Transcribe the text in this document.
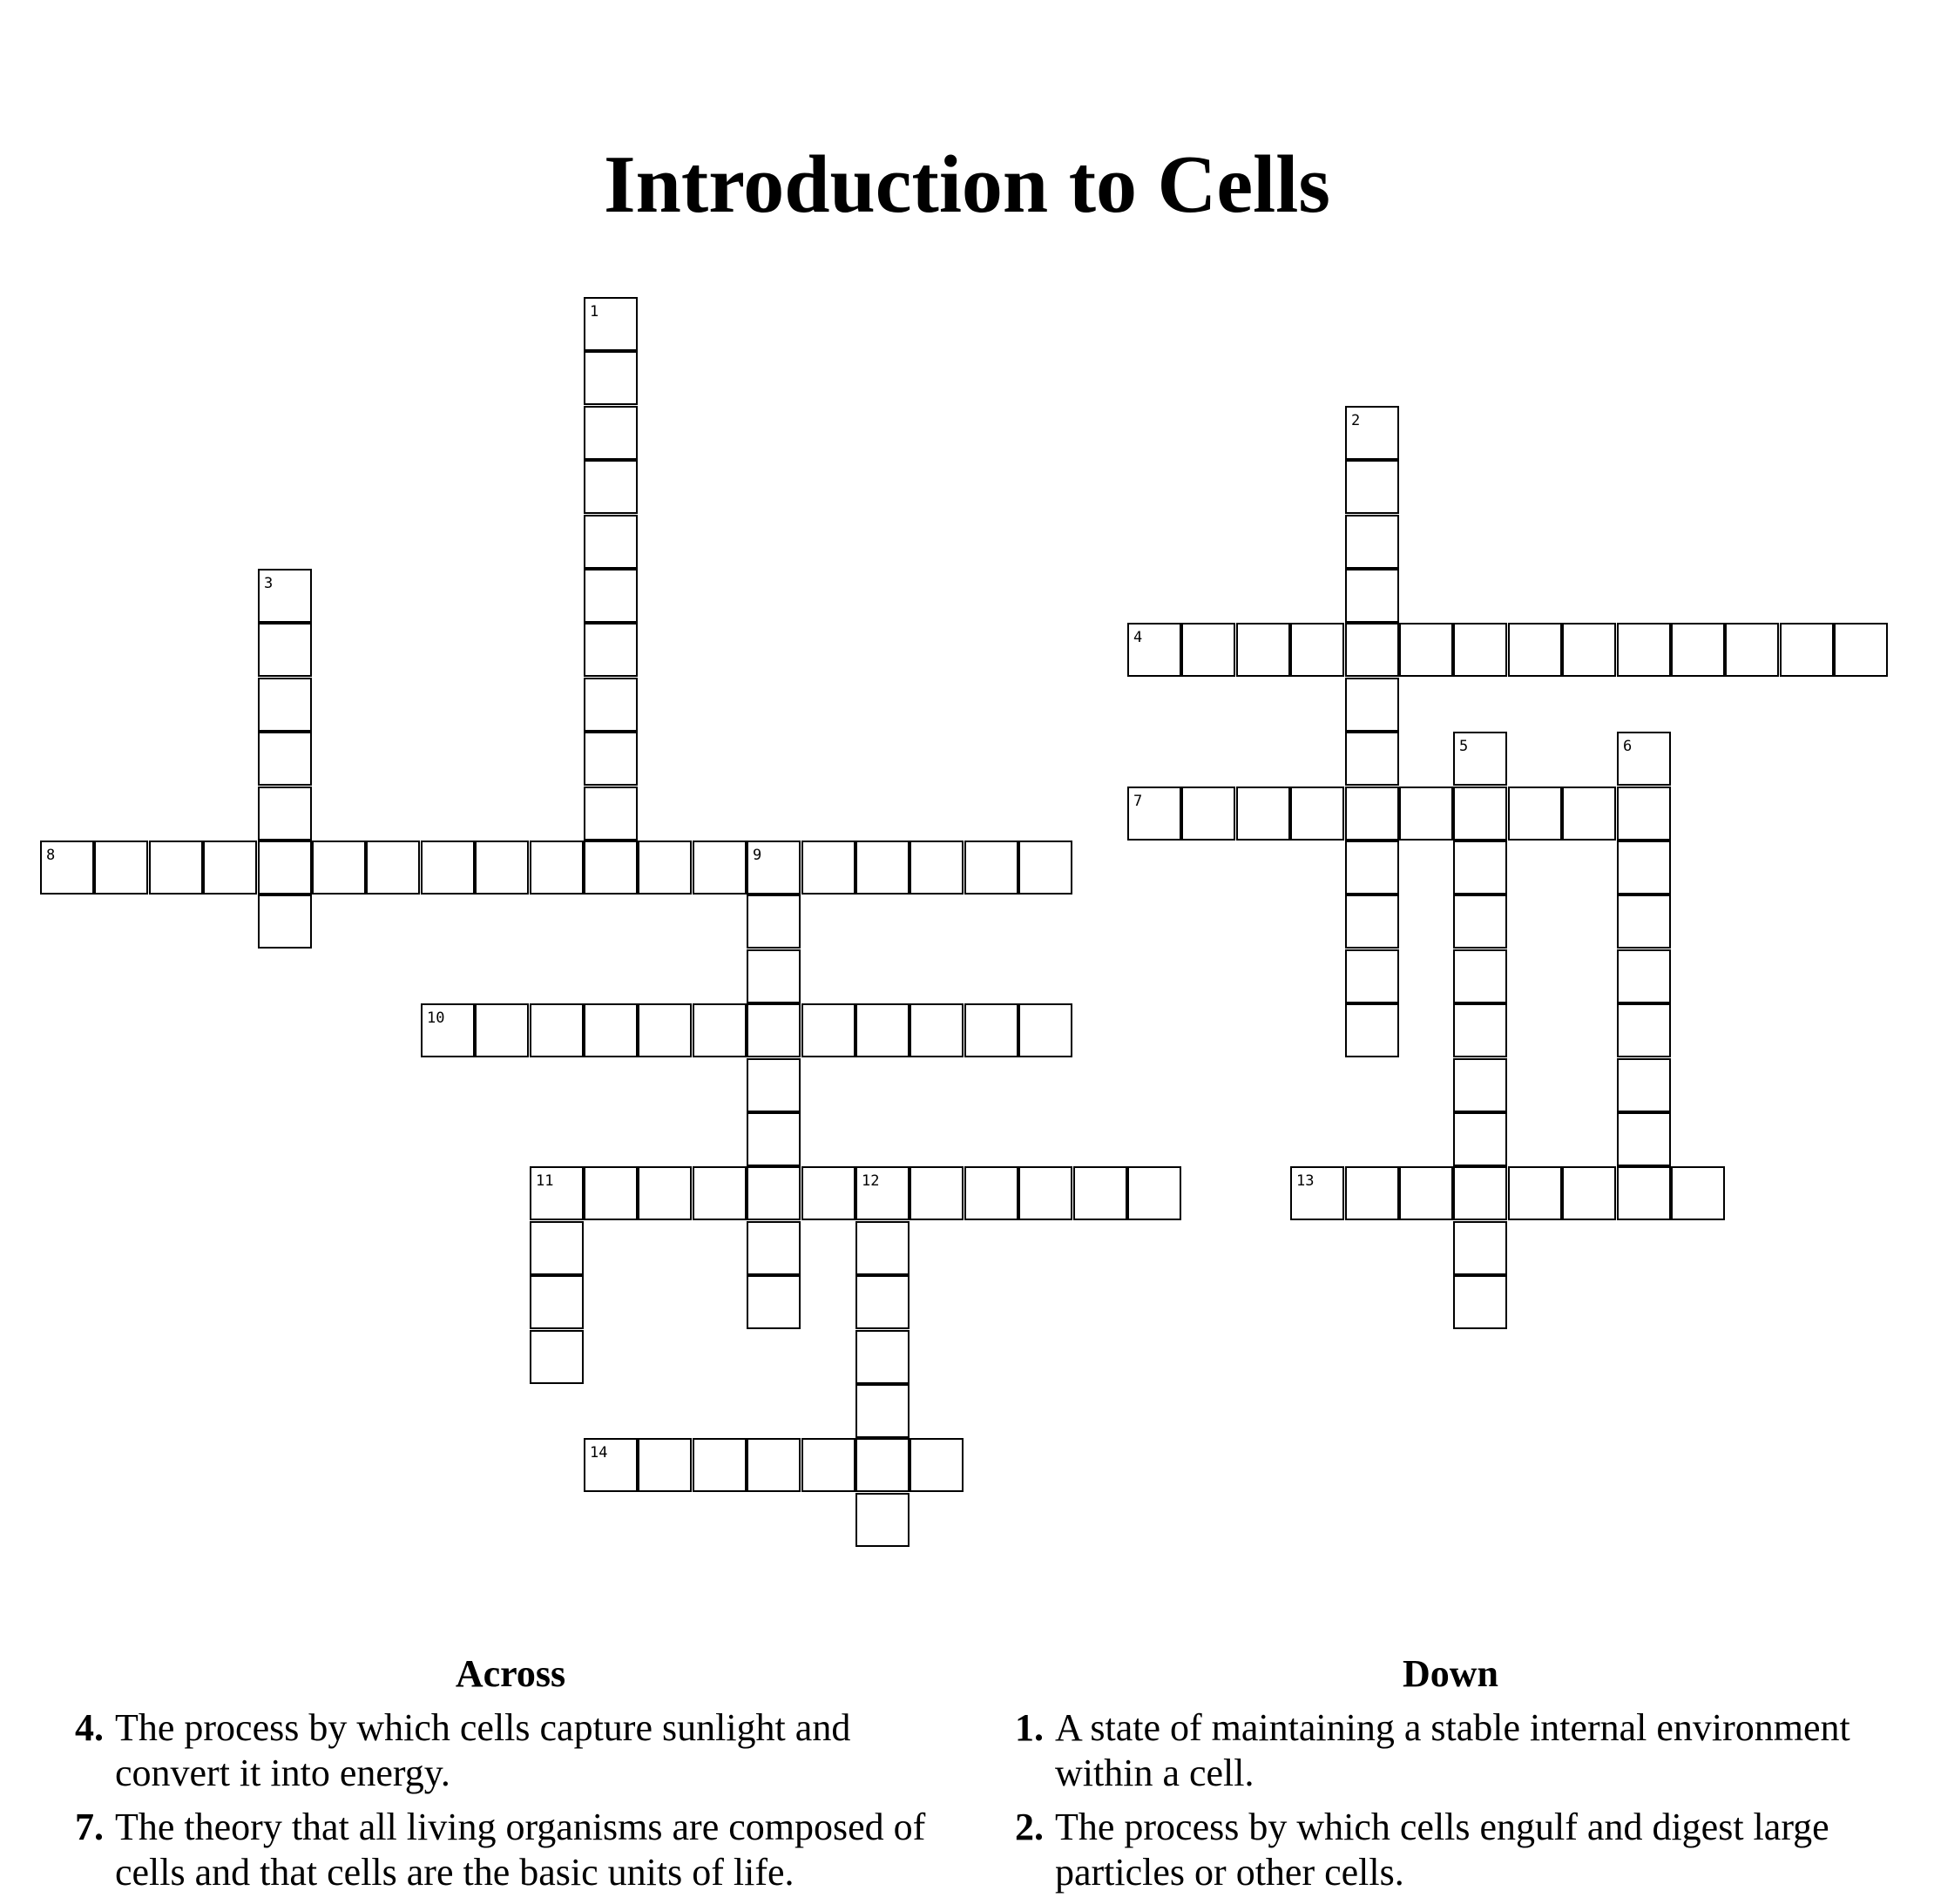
Introduction to Cells
1
2
3
4
5	6
7
8	9
10
11	12	13
14
Across
4. The process by which cells capture sunlight and convert it into energy.
7. The theory that all living organisms are composed of cells and that cells are the basic units of life.
Down
1. A state of maintaining a stable internal environment within a cell.
2. The process by which cells engulf and digest large particles or other cells.
